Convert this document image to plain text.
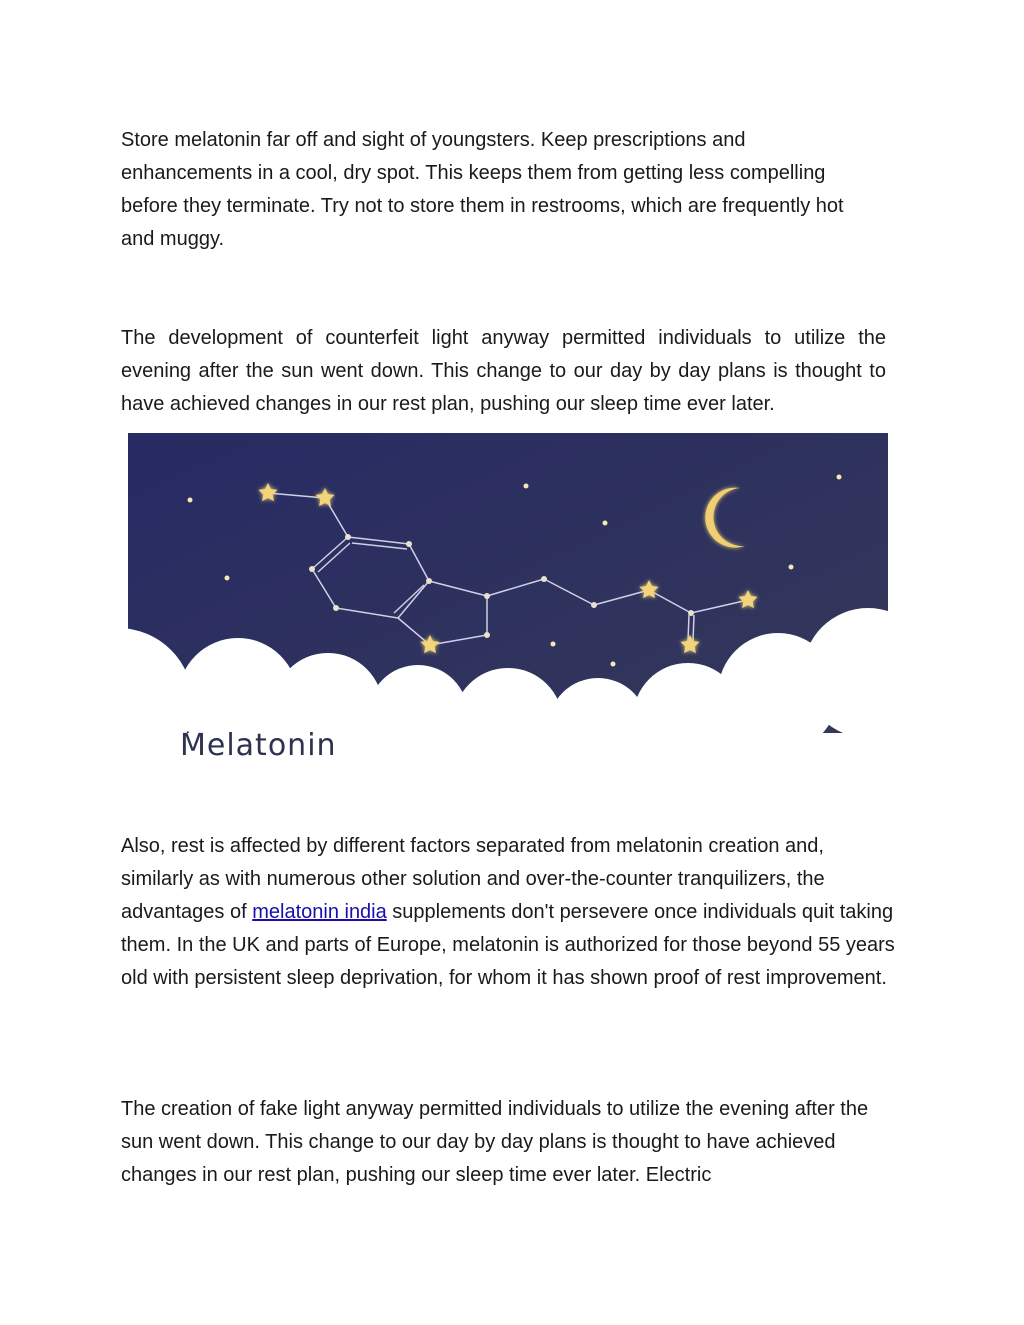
Store melatonin far off and sight of youngsters. Keep prescriptions and enhancements in a cool, dry spot. This keeps them from getting less compelling before they terminate. Try not to store them in restrooms, which are frequently hot and muggy.

The development of counterfeit light anyway permitted individuals to utilize the evening after the sun went down. This change to our day by day plans is thought to have achieved changes in our rest plan, pushing our sleep time ever later.

Melatonin

Also, rest is affected by different factors separated from melatonin creation and, similarly as with numerous other solution and over-the-counter tranquilizers, the advantages of melatonin india supplements don't persevere once individuals quit taking them. In the UK and parts of Europe, melatonin is authorized for those beyond 55 years old with persistent sleep deprivation, for whom it has shown proof of rest improvement.

The creation of fake light anyway permitted individuals to utilize the evening after the sun went down. This change to our day by day plans is thought to have achieved changes in our rest plan, pushing our sleep time ever later. Electric
